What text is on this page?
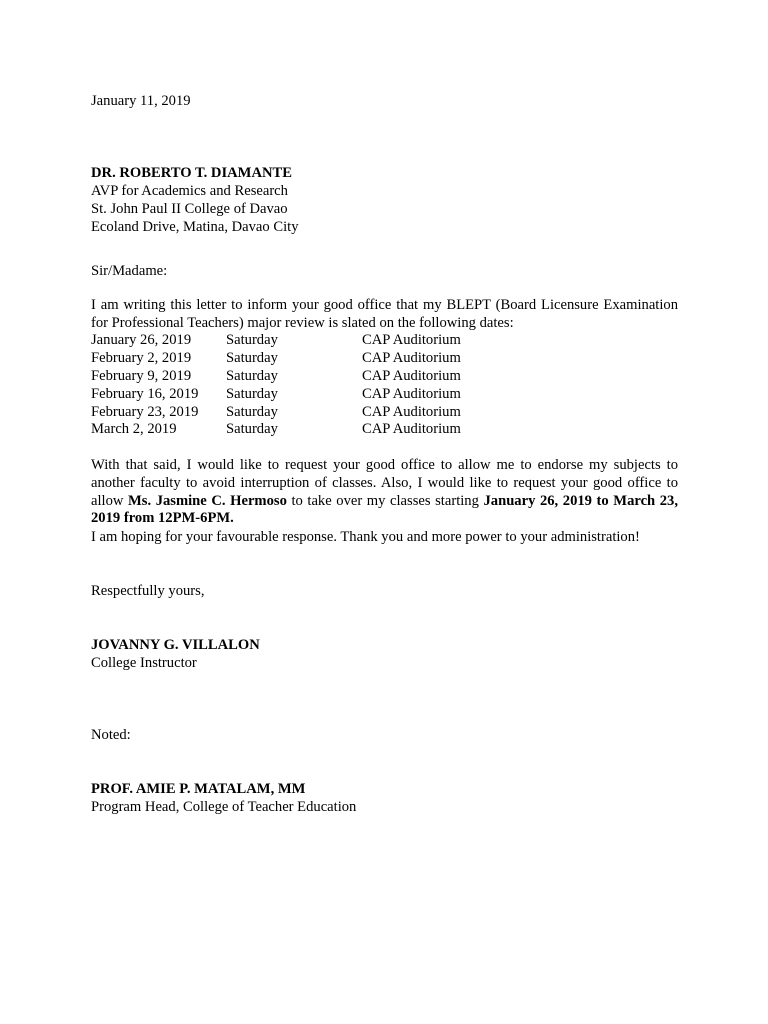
January 11, 2019
DR. ROBERTO T. DIAMANTE
AVP for Academics and Research
St. John Paul II College of Davao
Ecoland Drive, Matina, Davao City
Sir/Madame:

I am writing this letter to inform your good office that my BLEPT (Board Licensure Examination for Professional Teachers) major review is slated on the following dates:

January 26, 2019	Saturday	CAP Auditorium
February 2, 2019	Saturday	CAP Auditorium
February 9, 2019	Saturday	CAP Auditorium
February 16, 2019	Saturday	CAP Auditorium
February 23, 2019	Saturday	CAP Auditorium
March 2, 2019	Saturday	CAP Auditorium

With that said, I would like to request your good office to allow me to endorse my subjects to another faculty to avoid interruption of classes. Also, I would like to request your good office to allow Ms. Jasmine C. Hermoso to take over my classes starting January 26, 2019 to March 23, 2019 from 12PM-6PM.

I am hoping for your favourable response. Thank you and more power to your administration!
Respectfully yours,
JOVANNY G. VILLALON
College Instructor
Noted:
PROF. AMIE P. MATALAM, MM
Program Head, College of Teacher Education
